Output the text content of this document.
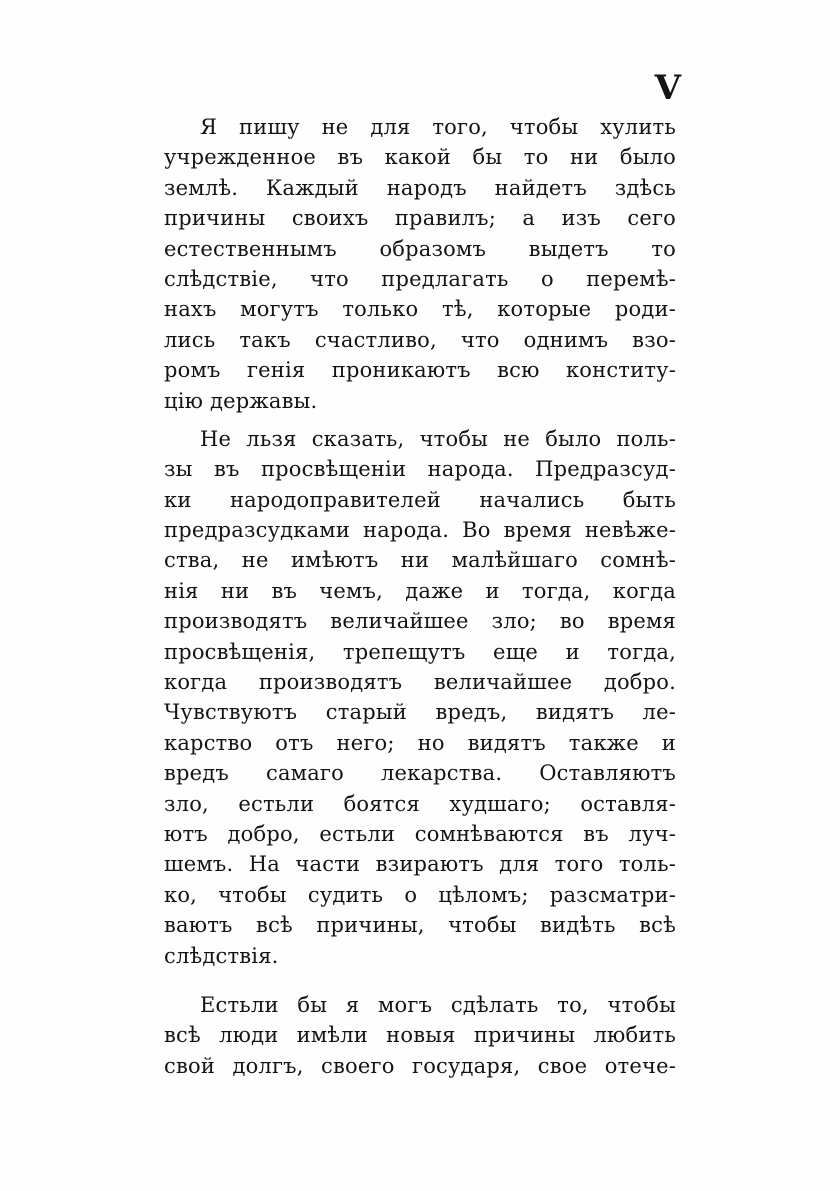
V
Я пишу не для того, чтобы хулить
учрежденное въ какой бы то ни было
землѣ. Каждый народъ найдетъ здѣсь
причины своихъ правилъ; а изъ сего
естественнымъ образомъ выдетъ то
слѣдствіе, что предлагать о перемѣ-
нахъ могутъ только тѣ, которые роди-
лись такъ счастливо, что однимъ взо-
ромъ генія проникаютъ всю конститу-
цію державы.
Не льзя сказать, чтобы не было поль-
зы въ просвѣщеніи народа. Предразсуд-
ки народоправителей начались быть
предразсудками народа. Во время невѣже-
ства, не имѣютъ ни малѣйшаго сомнѣ-
нія ни въ чемъ, даже и тогда, когда
производятъ величайшее зло; во время
просвѣщенія, трепещутъ еще и тогда,
когда производятъ величайшее добро.
Чувствуютъ старый вредъ, видятъ ле-
карство отъ него; но видятъ также и
вредъ самаго лекарства. Оставляютъ
зло, естьли боятся худшаго; оставля-
ютъ добро, естьли сомнѣваются въ луч-
шемъ. На части взираютъ для того толь-
ко, чтобы судить о цѣломъ; разсматри-
ваютъ всѣ причины, чтобы видѣть всѣ
слѣдствія.
Естьли бы я могъ сдѣлать то, чтобы
всѣ люди имѣли новыя причины любить
свой долгъ, своего государя, свое отече-
